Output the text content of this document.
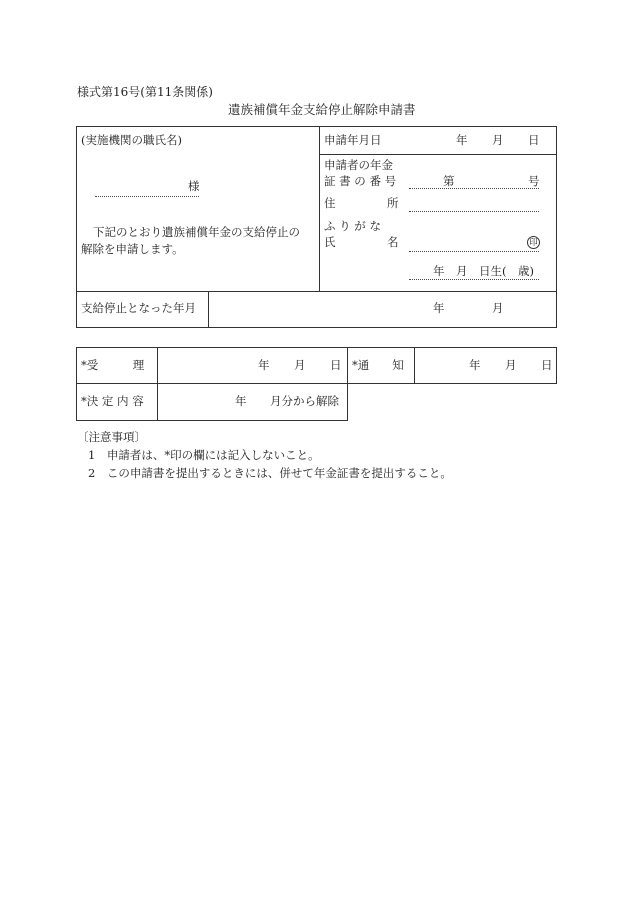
様式第16号(第11条関係)
遺族補償年金支給停止解除申請書
(実施機関の職氏名)
様
下記のとおり遺族補償年金の支給停止の
解除を申請します。
申請年月日	年 月 日
申請者の年金
証 書 の 番 号	第	号
住	所
ふ り が な
氏	名	印
年　月　日生(　歳)
支給停止となった年月	年	月
*受　　　理	年 月 日 *通　　知	年 月 日
*決 定 内 容	年 月分から解除
〔注意事項〕
1　申請者は、*印の欄には記入しないこと。
2　この申請書を提出するときには、併せて年金証書を提出すること。
